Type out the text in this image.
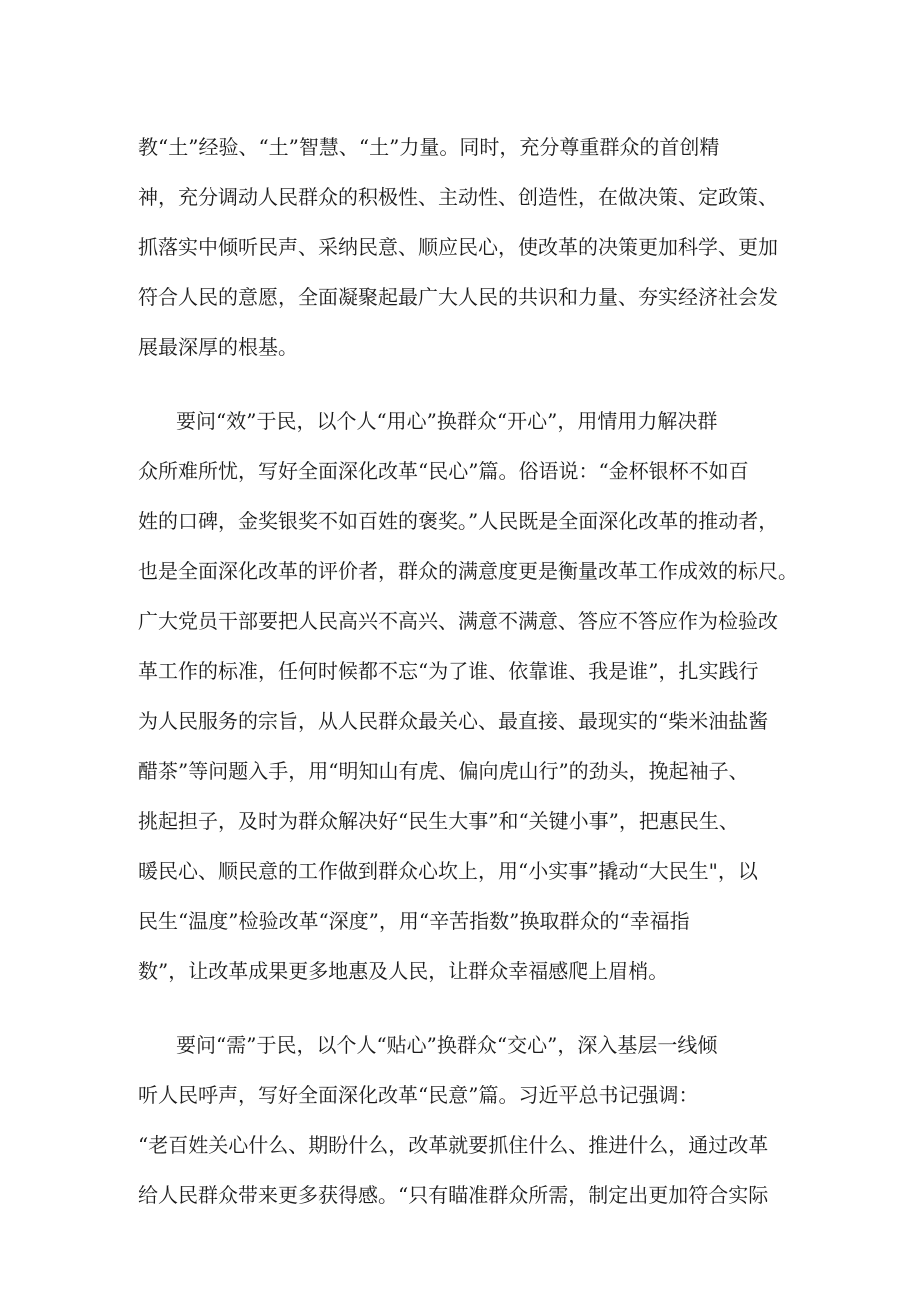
教“土”经验、“土”智慧、“土”力量。同时，充分尊重群众的首创精
神，充分调动人民群众的积极性、主动性、创造性，在做决策、定政策、
抓落实中倾听民声、采纳民意、顺应民心，使改革的决策更加科学、更加
符合人民的意愿，全面凝聚起最广大人民的共识和力量、夯实经济社会发
展最深厚的根基。
要问“效”于民，以个人“用心”换群众“开心”，用情用力解决群
众所难所忧，写好全面深化改革“民心”篇。俗语说：“金杯银杯不如百
姓的口碑，金奖银奖不如百姓的褒奖。”人民既是全面深化改革的推动者，
也是全面深化改革的评价者，群众的满意度更是衡量改革工作成效的标尺。
广大党员干部要把人民高兴不高兴、满意不满意、答应不答应作为检验改
革工作的标准，任何时候都不忘“为了谁、依靠谁、我是谁”，扎实践行
为人民服务的宗旨，从人民群众最关心、最直接、最现实的“柴米油盐酱
醋茶”等问题入手，用“明知山有虎、偏向虎山行”的劲头，挽起袖子、
挑起担子，及时为群众解决好“民生大事”和“关键小事”，把惠民生、
暖民心、顺民意的工作做到群众心坎上，用“小实事”撬动“大民生"，以
民生“温度”检验改革“深度”，用“辛苦指数”换取群众的“幸福指
数”，让改革成果更多地惠及人民，让群众幸福感爬上眉梢。
要问“需”于民，以个人“贴心”换群众“交心”，深入基层一线倾
听人民呼声，写好全面深化改革“民意”篇。习近平总书记强调：
“老百姓关心什么、期盼什么，改革就要抓住什么、推进什么，通过改革
给人民群众带来更多获得感。“只有瞄准群众所需，制定出更加符合实际
